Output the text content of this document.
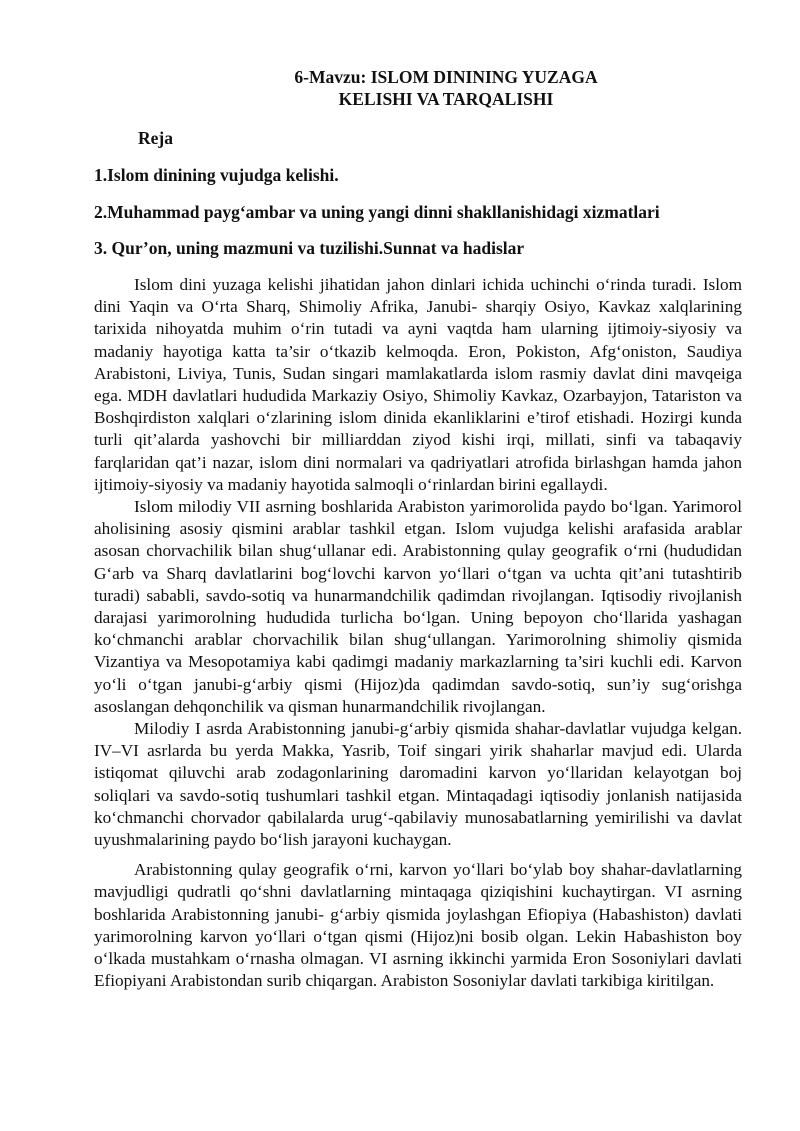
6-Mavzu: ISLOM DININING YUZAGA
KELISHI VA TARQALISHI
Reja

1.Islom dinining vujudga kelishi.

2.Muhammad payg‘ambar va uning yangi dinni shakllanishidagi xizmatlari

3. Qur’on, uning mazmuni va tuzilishi.Sunnat va hadislar

Islom dini yuzaga kelishi jihatidan jahon dinlari ichida uchinchi o‘rinda turadi. Islom dini Yaqin va O‘rta Sharq, Shimoliy Afrika, Janubi- sharqiy Osiyo, Kavkaz xalqlarining tarixida nihoyatda muhim o‘rin tutadi va ayni vaqtda ham ularning ijtimoiy-siyosiy va madaniy hayotiga katta ta’sir o‘tkazib kelmoqda. Eron, Pokiston, Afg‘oniston, Saudiya Arabistoni, Liviya, Tunis, Sudan singari mamlakatlarda islom rasmiy davlat dini mavqeiga ega. MDH davlatlari hududida Markaziy Osiyo, Shimoliy Kavkaz, Ozarbayjon, Tatariston va Boshqirdiston xalqlari o‘zlarining islom dinida ekanliklarini e’tirof etishadi. Hozirgi kunda turli qit’alarda yashovchi bir milliarddan ziyod kishi irqi, millati, sinfi va tabaqaviy farqlaridan qat’i nazar, islom dini normalari va qadriyatlari atrofida birlashgan hamda jahon ijtimoiy-siyosiy va madaniy hayotida salmoqli o‘rinlardan birini egallaydi.

Islom milodiy VII asrning boshlarida Arabiston yarimorolida paydo bo‘lgan. Yarimorol aholisining asosiy qismini arablar tashkil etgan. Islom vujudga kelishi arafasida arablar asosan chorvachilik bilan shug‘ullanar edi. Arabistonning qulay geografik o‘rni (hududidan G‘arb va Sharq davlatlarini bog‘lovchi karvon yo‘llari o‘tgan va uchta qit’ani tutashtirib turadi) sababli, savdo-sotiq va hunarmandchilik qadimdan rivojlangan. Iqtisodiy rivojlanish darajasi yarimorolning hududida turlicha bo‘lgan. Uning bepoyon cho‘llarida yashagan ko‘chmanchi arablar chorvachilik bilan shug‘ullangan. Yarimorolning shimoliy qismida Vizantiya va Mesopotamiya kabi qadimgi madaniy markazlarning ta’siri kuchli edi. Karvon yo‘li o‘tgan janubi-g‘arbiy qismi (Hijoz)da qadimdan savdo-sotiq, sun’iy sug‘orishga asoslangan dehqonchilik va qisman hunarmandchilik rivojlangan.

Milodiy I asrda Arabistonning janubi-g‘arbiy qismida shahar-davlatlar vujudga kelgan. IV–VI asrlarda bu yerda Makka, Yasrib, Toif singari yirik shaharlar mavjud edi. Ularda istiqomat qiluvchi arab zodagonlarining daromadini karvon yo‘llaridan kelayotgan boj soliqlari va savdo-sotiq tushumlari tashkil etgan. Mintaqadagi iqtisodiy jonlanish natijasida ko‘chmanchi chorvador qabilalarda urug‘-qabilaviy munosabatlarning yemirilishi va davlat uyushmalarining paydo bo‘lish jarayoni kuchaygan.

Arabistonning qulay geografik o‘rni, karvon yo‘llari bo‘ylab boy shahar-davlatlarning mavjudligi qudratli qo‘shni davlatlarning mintaqaga qiziqishini kuchaytirgan. VI asrning boshlarida Arabistonning janubi- g‘arbiy qismida joylashgan Efiopiya (Habashiston) davlati yarimorolning karvon yo‘llari o‘tgan qismi (Hijoz)ni bosib olgan. Lekin Habashiston boy o‘lkada mustahkam o‘rnasha olmagan. VI asrning ikkinchi yarmida Eron Sosoniylari davlati Efiopiyani Arabistondan surib chiqargan. Arabiston Sosoniylar davlati tarkibiga kiritilgan.
